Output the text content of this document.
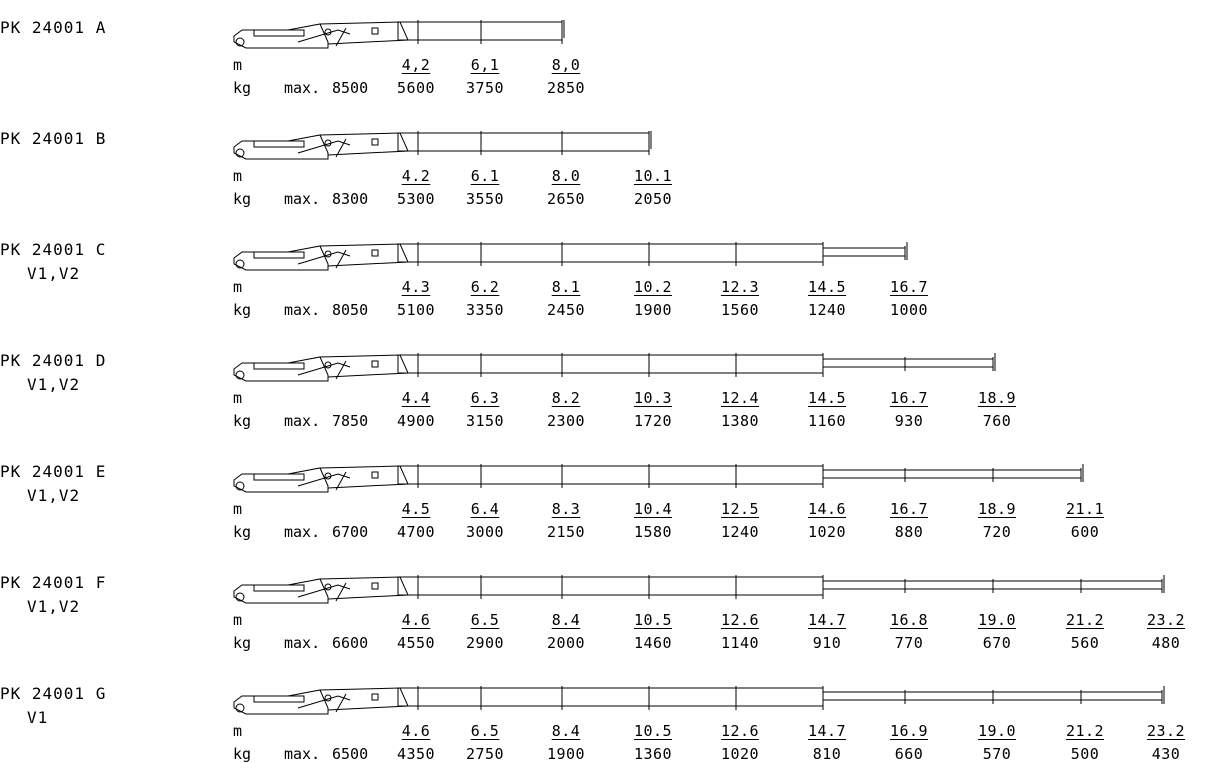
PK 24001 A
m
kg max. 8500
4,2	6,1	8,0
5600 3750	2850
PK 24001 B
m
kg max. 8300
4.2	6.1	8.0	10.1
5300 3550	2650	2050
PK 24001 C
V1,V2
m
kg max. 8050
4.3	6.2	8.1	10.2	12.3	14.5	16.7
5100 3350	2450	1900	1560	1240	1000
PK 24001 D
V1,V2
m
kg max. 7850
4.4	6.3	8.2	10.3	12.4	14.5	16.7	18.9
4900 3150	2300	1720	1380	1160	930	760
PK 24001 E
V1,V2
m
kg max. 6700
4.5	6.4	8.3	10.4	12.5	14.6	16.7	18.9	21.1
4700 3000	2150	1580	1240	1020	880	720	600
PK 24001 F
V1,V2
m
kg max. 6600
4.6	6.5	8.4	10.5	12.6	14.7	16.8	19.0	21.2	23.2
4550 2900	2000	1460	1140	910	770	670	560	480
PK 24001 G
V1
m
kg max. 6500
4.6	6.5	8.4	10.5	12.6	14.7	16.9	19.0	21.2	23.2
4350 2750	1900	1360	1020	810	660	570	500	430
